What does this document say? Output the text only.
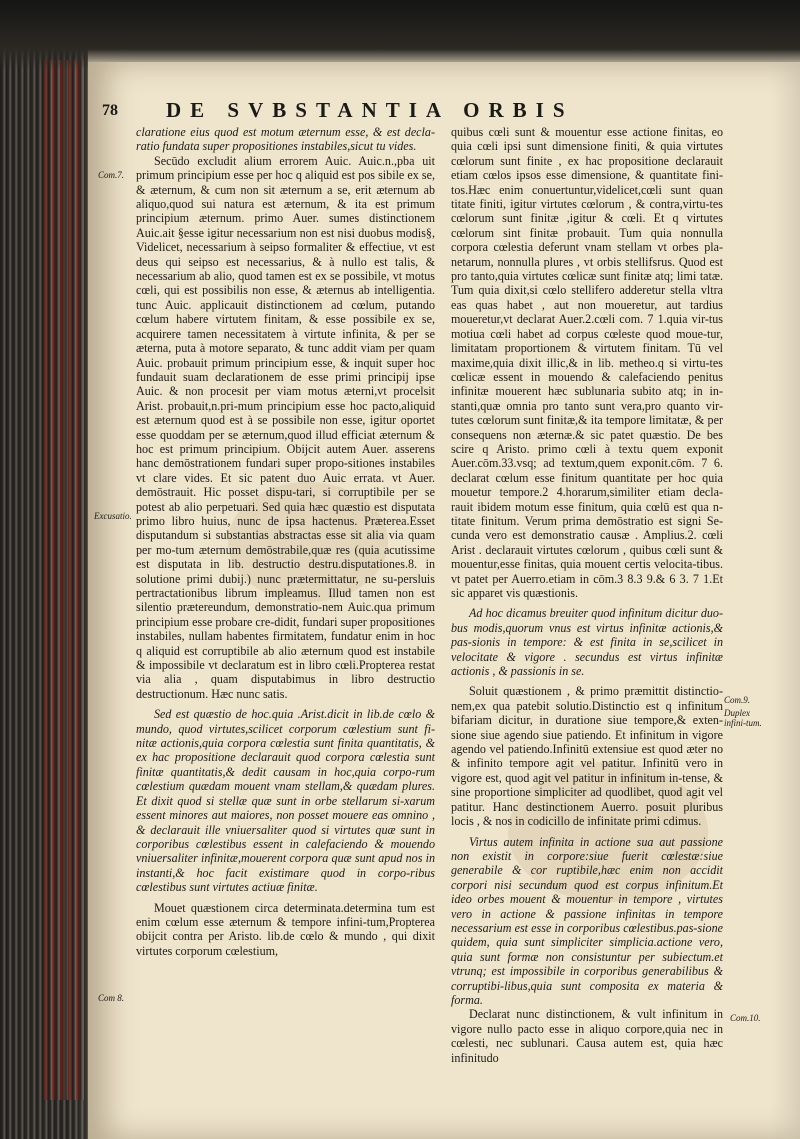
78 DE SVBSTANTIA ORBIS
Com.7.
Excusatio.
Com 8.
Com.9.
Duplex infini-tum.
Com.10.

claratione eius quod est motum æternum esse, & est decla-ratio fundata super propositiones instabiles,sicut tu vides.

Secūdo excludit alium errorem Auic. Auic.n.,pba uit primum principium esse per hoc q aliquid est pos sibile ex se, & æternum, & cum non sit æternum a se, erit æternum ab aliquo,quod sui natura est æternum, & ita est primum principium æternum. primo Auer. sumes distinctionem Auic.ait §esse igitur necessarium non est nisi duobus modis§, Videlicet, necessarium à seipso formaliter & effectiue, vt est deus qui seipso est necessarius, & à nullo est talis, & necessarium ab alio, quod tamen est ex se possibile, vt motus cœli, qui est possibilis non esse, & æternus ab intelligentia. tunc Auic. applicauit distinctionem ad cœlum, putando cœlum habere virtutem finitam, & esse possibile ex se, acquirere tamen necessitatem à virtute infinita, & per se æterna, puta à motore separato, & tunc addit viam per quam Auic. probauit primum principium esse, & inquit super hoc fundauit suam declarationem de esse primi principij ipse Auic. & non procesit per viam motus æterni,vt procelsit Arist. probauit,n.pri-mum principium esse hoc pacto,aliquid est æternum quod est à se possibile non esse, igitur oportet esse quoddam per se æternum,quod illud efficiat æternum & hoc est primum principium. Obijcit autem Auer. asserens hanc demōstrationem fundari super propo-sitiones instabiles vt clare vides. Et sic patent duo Auic errata. vt Auer. demōstrauit. Hic posset dispu-tari, si corruptibile per se potest ab alio perpetuari. Sed quia hæc quæstio est disputata primo libro huius, nunc de ipsa hactenus. Præterea.Esset disputandum si substantias abstractas esse sit alia via quam per mo-tum æternum demōstrabile,quæ res (quia acutissime est disputata in lib. destructio destru.disputationes.8. in solutione primi dubij.) nunc prætermittatur, ne su-persluis pertractationibus librum impleamus. Illud tamen non est silentio prætereundum, demonstratio-nem Auic.qua primum principium esse probare cre-didit, fundari super propositiones instabiles, nullam habentes firmitatem, fundatur enim in hoc q aliquid est corruptibile ab alio æternum quod est instabile & impossibile vt declaratum est in libro cœli.Propterea restat via alia , quam disputabimus in libro destructio destructionum. Hæc nunc satis.

Sed est quæstio de hoc.quia .Arist.dicit in lib.de cœlo & mundo, quod virtutes,scilicet corporum cœlestium sunt fi-nitæ actionis,quia corpora cœlestia sunt finita quantitatis, & ex hac propositione declarauit quod corpora cœlestia sunt finitæ quantitatis,& dedit causam in hoc,quia corpo-rum cœlestium quædam mouent vnam stellam,& quædam plures. Et dixit quod si stellæ quæ sunt in orbe stellarum si-xarum essent minores aut maiores, non posset mouere eas omnino , & declarauit ille vniuersaliter quod si virtutes quæ sunt in corporibus cœlestibus essent in calefaciendo & mouendo vniuersaliter infinitæ,mouerent corpora quæ sunt apud nos in instanti,& hoc facit existimare quod in corpo-ribus cœlestibus sunt virtutes actiuæ finitæ.

Mouet quæstionem circa determinata.determina tum est enim cœlum esse æternum & tempore infini-tum,Propterea obijcit contra per Aristo. lib.de cœlo & mundo , qui dixit virtutes corporum cœlestium,

quibus cœli sunt & mouentur esse actione finitas, eo quia cœli ipsi sunt dimensione finiti, & quia virtutes cœlorum sunt finite , ex hac propositione declarauit etiam cœlos ipsos esse dimensione, & quantitate fini-tos.Hæc enim conuertuntur,videlicet,cœli sunt quan titate finiti, igitur virtutes cœlorum , & contra,virtu-tes cœlorum sunt finitæ ,igitur & cœli. Et q virtutes cœlorum sint finitæ probauit. Tum quia nonnulla corpora cœlestia deferunt vnam stellam vt orbes pla-netarum, nonnulla plures , vt orbis stellifsrus. Quod est pro tanto,quia virtutes cœlicæ sunt finitæ atq; limi tatæ. Tum quia dixit,si cœlo stellifero adderetur stella vltra eas quas habet , aut non moueretur, aut tardius moueretur,vt declarat Auer.2.cœli com. 7 1.quia vir-tus motiua cœli habet ad corpus cœleste quod moue-tur, limitatam proportionem & virtutem finitam. Tū vel maxime,quia dixit illic,& in lib. metheo.q si virtu-tes cœlicæ essent in mouendo & calefaciendo penitus infinitæ mouerent hæc sublunaria subito atq; in in-stanti,quæ omnia pro tanto sunt vera,pro quanto vir-tutes cœlorum sunt finitæ,& ita tempore limitatæ, & per consequens non æternæ.& sic patet quæstio. De bes scire q Aristo. primo cœli à textu quem exponit Auer.cōm.33.vsq; ad textum,quem exponit.cōm. 7 6. declarat cœlum esse finitum quantitate per hoc quia mouetur tempore.2 4.horarum,similiter etiam decla-rauit ibidem motum esse finitum, quia cœlū est qua n-titate finitum. Verum prima demōstratio est signi Se-cunda vero est demonstratio causæ . Amplius.2. cœli Arist . declarauit virtutes cœlorum , quibus cœli sunt & mouentur,esse finitas, quia mouent certis velocita-tibus. vt patet per Auerro.etiam in cōm.3 8.3 9.& 6 3. 7 1.Et sic apparet vis quæstionis.

Ad hoc dicamus breuiter quod infinitum dicitur duo-bus modis,quorum vnus est virtus infinitæ actionis,& pas-sionis in tempore: & est finita in se,scilicet in velocitate & vigore . secundus est virtus infinitæ actionis , & passionis in se.

Soluit quæstionem , & primo præmittit distinctio-nem,ex qua patebit solutio.Distinctio est q infinitum bifariam dicitur, in duratione siue tempore,& exten-sione siue agendo siue patiendo. Et infinitum in vigore agendo vel patiendo.Infinitū extensiue est quod æter no & infinito tempore agit vel patitur. Infinitū vero in vigore est, quod agit vel patitur in infinitum in-tense, & sine proportione simpliciter ad quodlibet, quod agit vel patitur. Hanc destinctionem Auerro. posuit pluribus locis , & nos in codicillo de infinitate primi cdimus.

Virtus autem infinita in actione sua aut passione non existit in corpore:siue fuerit cœlestæ:siue generabile & cor ruptibile,hæc enim non accidit corpori nisi secundum quod est corpus infinitum.Et ideo orbes mouent & mouentur in tempore , virtutes vero in actione & passione infinitas in tempore necessarium est esse in corporibus cœlestibus.pas-sione quidem, quia sunt simpliciter simplicia.actione vero, quia sunt formæ non consistuntur per subiectum.et vtrunq; est impossibile in corporibus generabilibus & corruptibi-libus,quia sunt composita ex materia & forma.

Declarat nunc distinctionem, & vult infinitum in vigore nullo pacto esse in aliquo corpore,quia nec in cœlesti, nec sublunari. Causa autem est, quia hæc infinitudo
